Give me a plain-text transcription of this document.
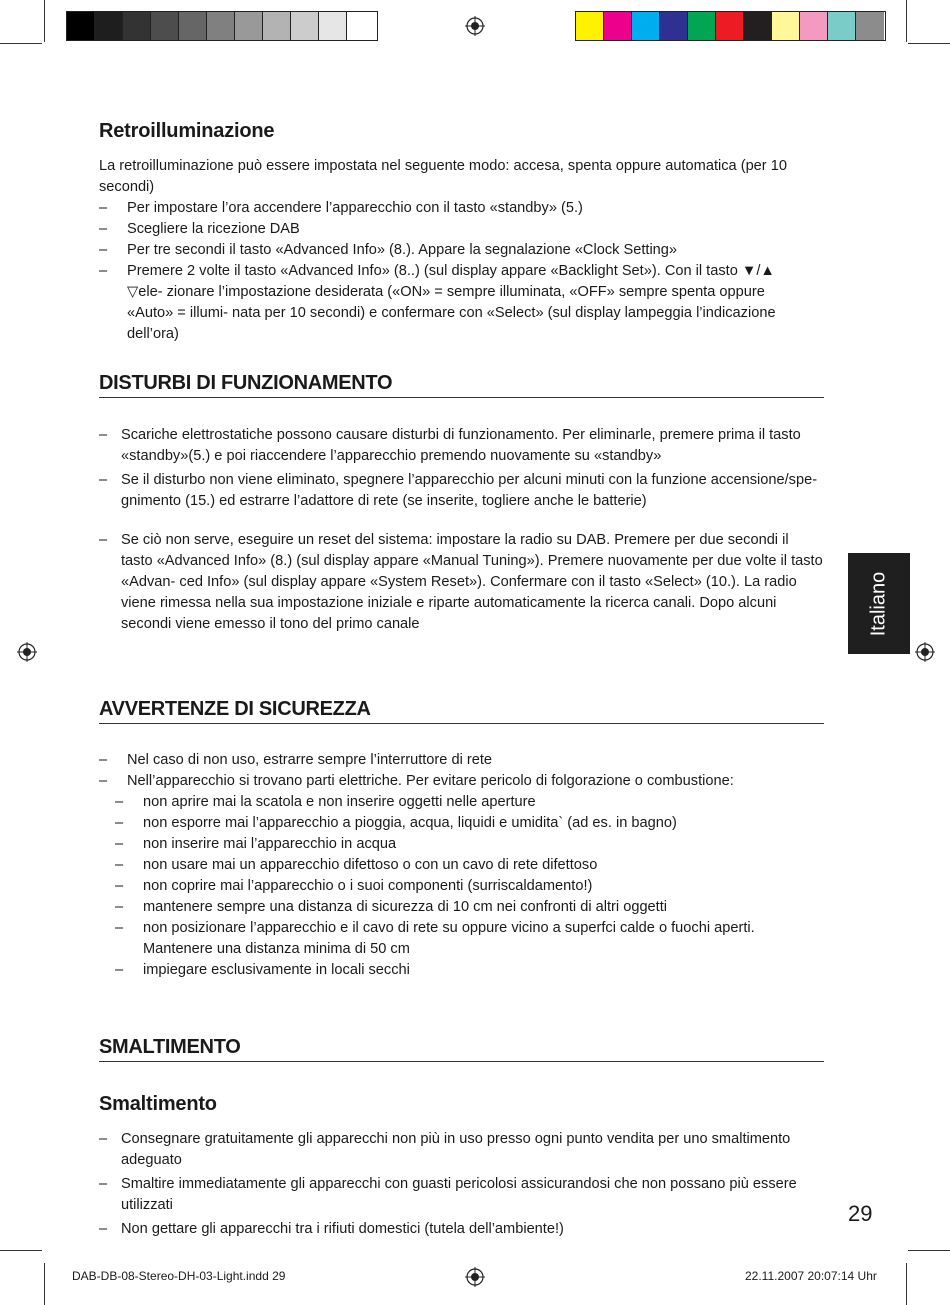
Retroilluminazione

La retroilluminazione può essere impostata nel seguente modo: accesa, spenta oppure automatica (per 10 secondi)

– Per impostare l’ora accendere l’apparecchio con il tasto «standby» (5.)
– Scegliere la ricezione DAB
– Per tre secondi il tasto «Advanced Info» (8.). Appare la segnalazione «Clock Setting»
– Premere 2 volte il tasto «Advanced Info» (8..) (sul display appare «Backlight Set»). Con il tasto ▼/▲ ▽ele- zionare l’impostazione desiderata («ON» = sempre illuminata, «OFF» sempre spenta oppure «Auto» = illumi- nata per 10 secondi) e confermare con «Select» (sul display lampeggia l’indicazione dell’ora)
DISTURBI DI FUNZIONAMENTO
– Scariche elettrostatiche possono causare disturbi di funzionamento. Per eliminarle, premere prima il tasto «standby»(5.) e poi riaccendere l’apparecchio premendo nuovamente su «standby»
– Se il disturbo non viene eliminato, spegnere l’apparecchio per alcuni minuti con la funzione accensione/spe- gnimento (15.) ed estrarre l’adattore di rete (se inserite, togliere anche le batterie)
– Se ciò non serve, eseguire un reset del sistema: impostare la radio su DAB. Premere per due secondi il tasto «Advanced Info» (8.) (sul display appare «Manual Tuning»). Premere nuovamente per due volte il tasto «Advan- ced Info» (sul display appare «System Reset»). Confermare con il tasto «Select» (10.). La radio viene rimessa nella sua impostazione iniziale e riparte automaticamente la ricerca canali. Dopo alcuni secondi viene emesso il tono del primo canale
AVVERTENZE DI SICUREZZA
– Nel caso di non uso, estrarre sempre l’interruttore di rete
– Nell’apparecchio si trovano parti elettriche. Per evitare pericolo di folgorazione o combustione:
– non aprire mai la scatola e non inserire oggetti nelle aperture
– non esporre mai l’apparecchio a pioggia, acqua, liquidi e umidita` (ad es. in bagno)
– non inserire mai l’apparecchio in acqua
– non usare mai un apparecchio difettoso o con un cavo di rete difettoso
– non coprire mai l’apparecchio o i suoi componenti (surriscaldamento!)
– mantenere sempre una distanza di sicurezza di 10 cm nei confronti di altri oggetti
– non posizionare l’apparecchio e il cavo di rete su oppure vicino a superfci calde o fuochi aperti. Mantenere una distanza minima di 50 cm
– impiegare esclusivamente in locali secchi
SMALTIMENTO
Smaltimento
– Consegnare gratuitamente gli apparecchi non più in uso presso ogni punto vendita per uno smaltimento adeguato
– Smaltire immediatamente gli apparecchi con guasti pericolosi assicurandosi che non possano più essere utilizzati
– Non gettare gli apparecchi tra i rifiuti domestici (tutela dell’ambiente!)
Italiano
29
DAB-DB-08-Stereo-DH-03-Light.indd 29	22.11.2007 20:07:14 Uhr
